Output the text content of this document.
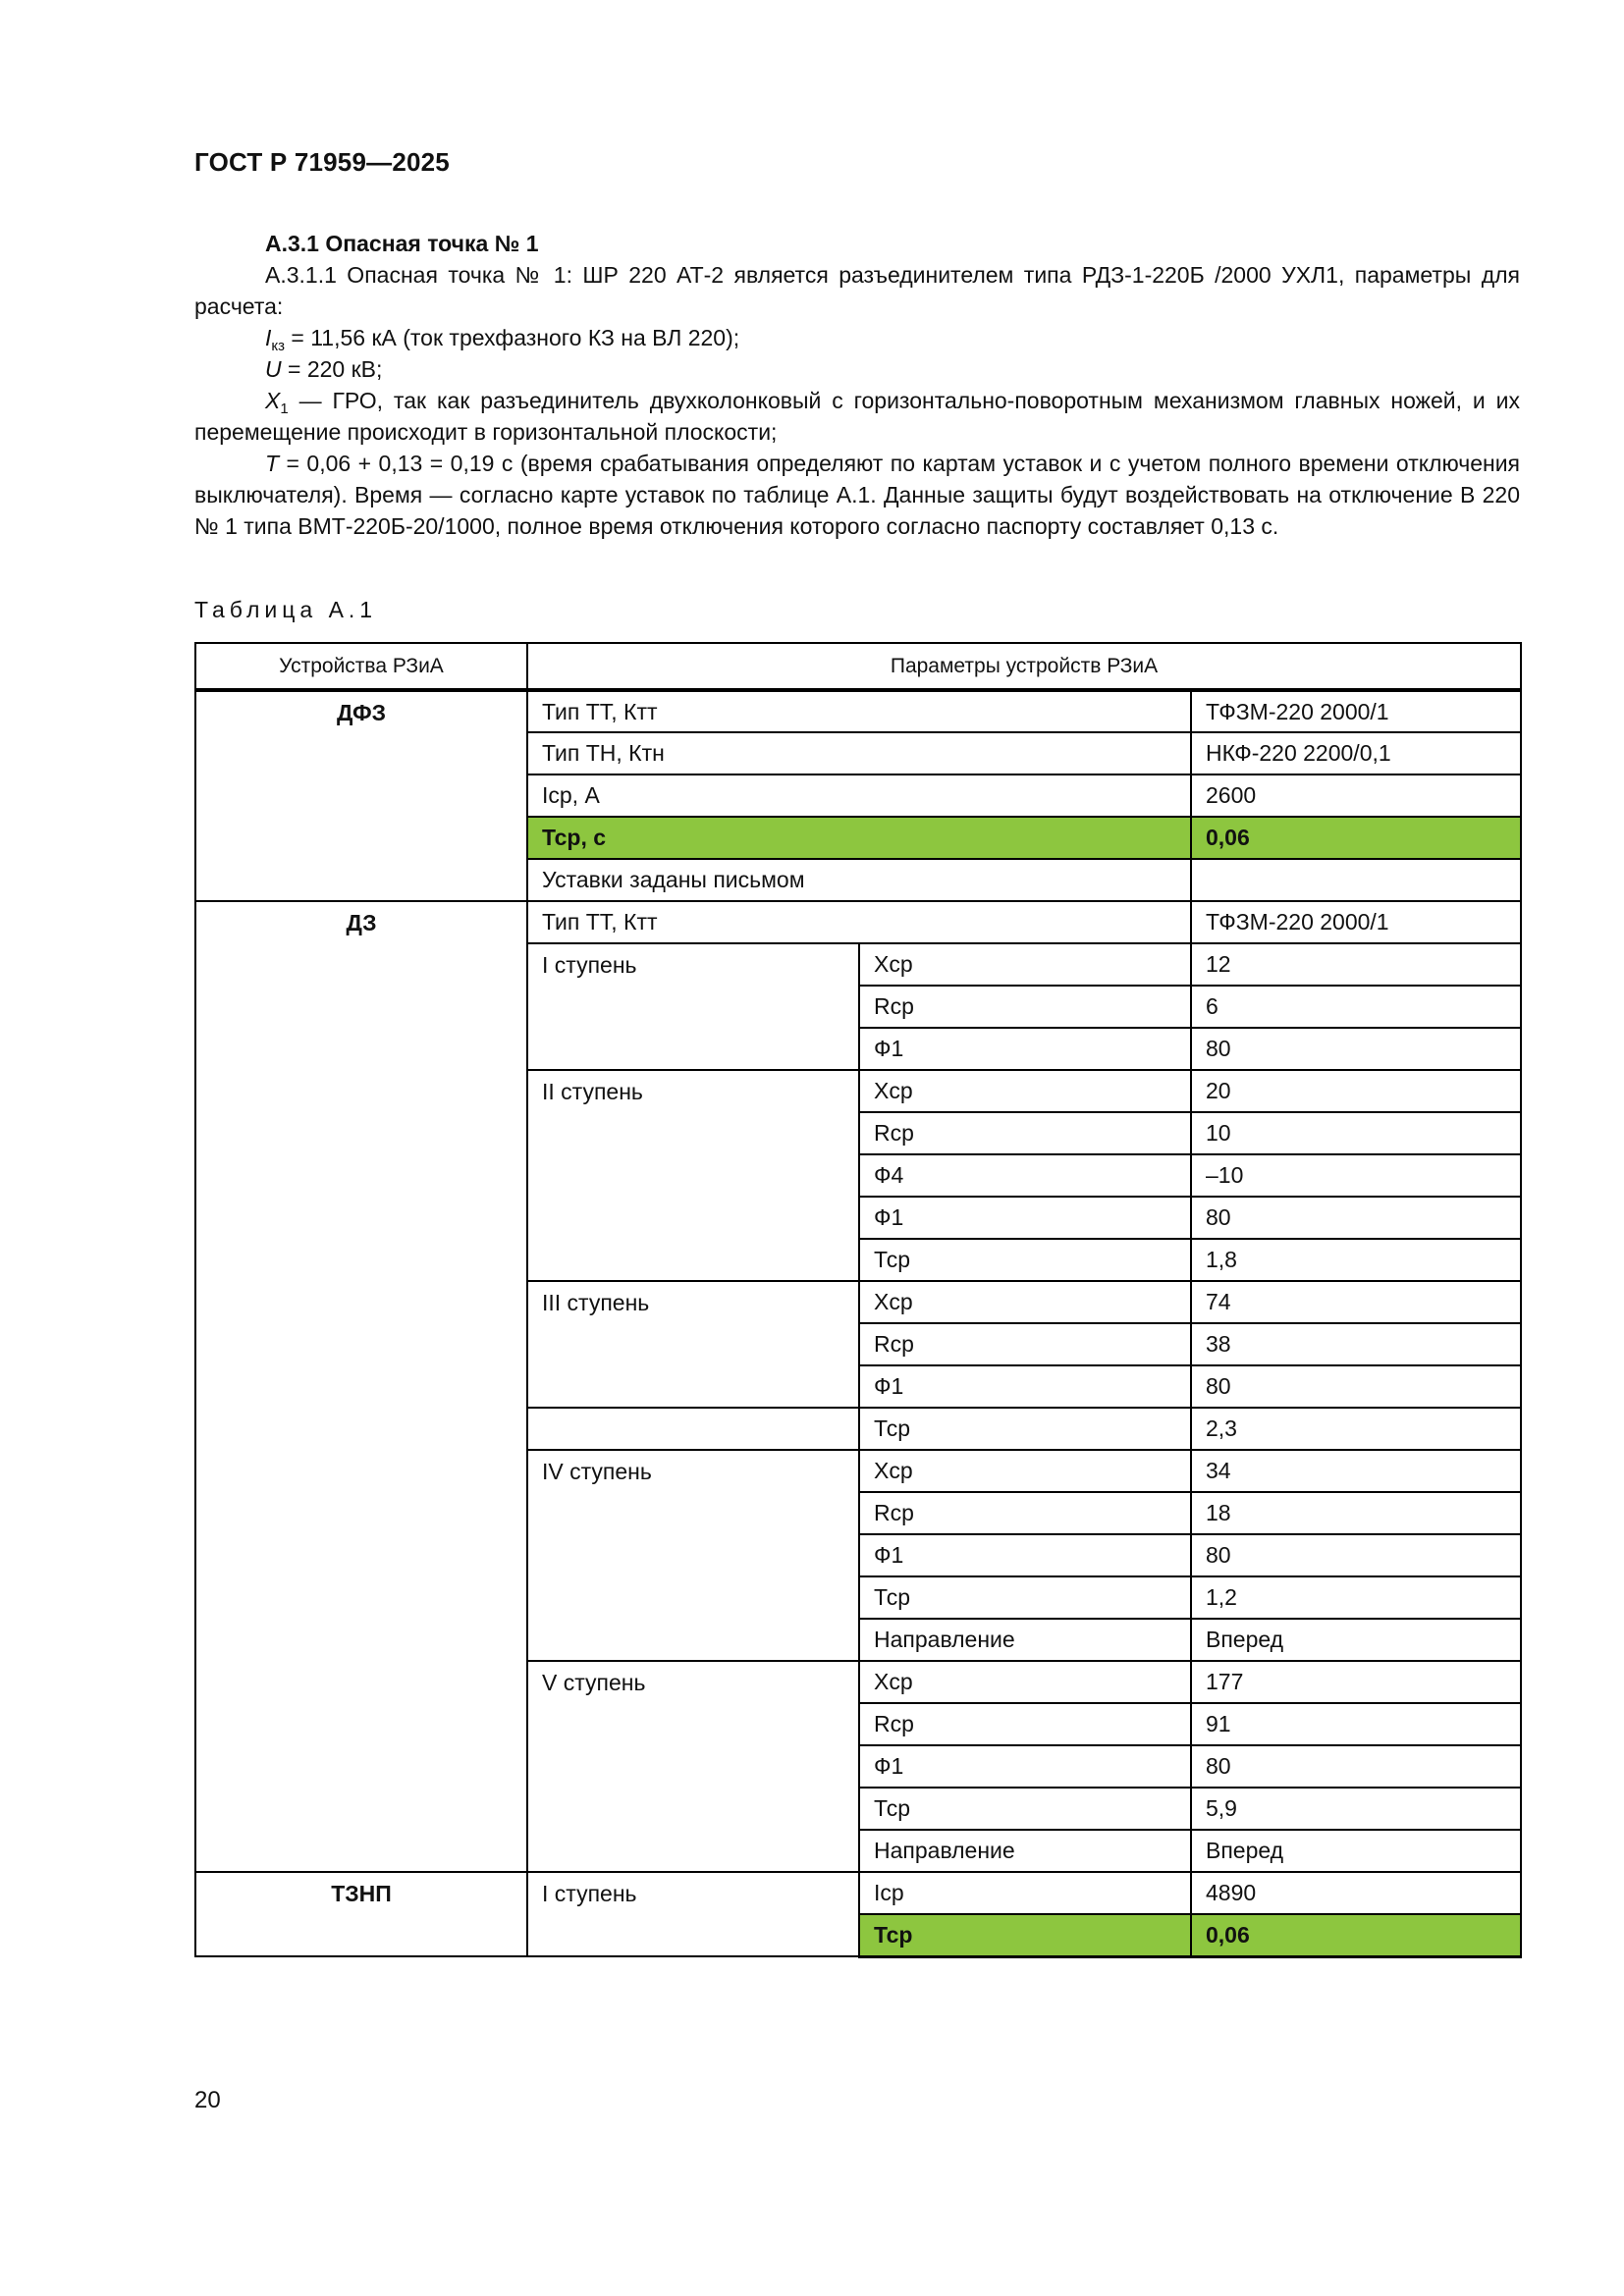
ГОСТ Р 71959—2025

А.3.1 Опасная точка № 1

А.3.1.1 Опасная точка № 1: ШР 220 АТ-2 является разъединителем типа РДЗ-1-220Б /2000 УХЛ1, параметры для расчета:

$I_{кз} = 11,56$ кА (ток трехфазного КЗ на ВЛ 220);

U = 220 кВ;

$X_1$ — ГРО, так как разъединитель двухколонковый с горизонтально-поворотным механизмом главных ножей, и их перемещение происходит в горизонтальной плоскости;

T = 0,06 + 0,13 = 0,19 с (время срабатывания определяют по картам уставок и с учетом полного времени отключения выключателя). Время — согласно карте уставок по таблице А.1. Данные защиты будут воздействовать на отключение В 220 № 1 типа ВМТ-220Б-20/1000, полное время отключения которого согласно паспорту составляет 0,13 с.

Таблица А.1
Устройства РЗиА	Параметры устройств РЗиА		
ДФЗ	Тип ТТ, Ктт		ТФЗМ-220 2000/1
	Тип ТН, Ктн		НКФ-220 2200/0,1
	Iср, А		2600
	Тср, с		0,06
	Уставки заданы письмом		
ДЗ	Тип ТТ, Ктт		ТФЗМ-220 2000/1
	I ступень	Хср	12
		Rср	6
		Ф1	80
	II ступень	Хср	20
		Rср	10
		Ф4	–10
		Ф1	80
		Тср	1,8
	III ступень	Хср	74
		Rср	38
		Ф1	80
		Тср	2,3
	IV ступень	Хср	34
		Rср	18
		Ф1	80
		Тср	1,2
		Направление	Вперед
	V ступень	Хср	177
		Rср	91
		Ф1	80
		Тср	5,9
		Направление	Вперед
ТЗНП	I ступень	Iср	4890
		Тср	0,06
20
